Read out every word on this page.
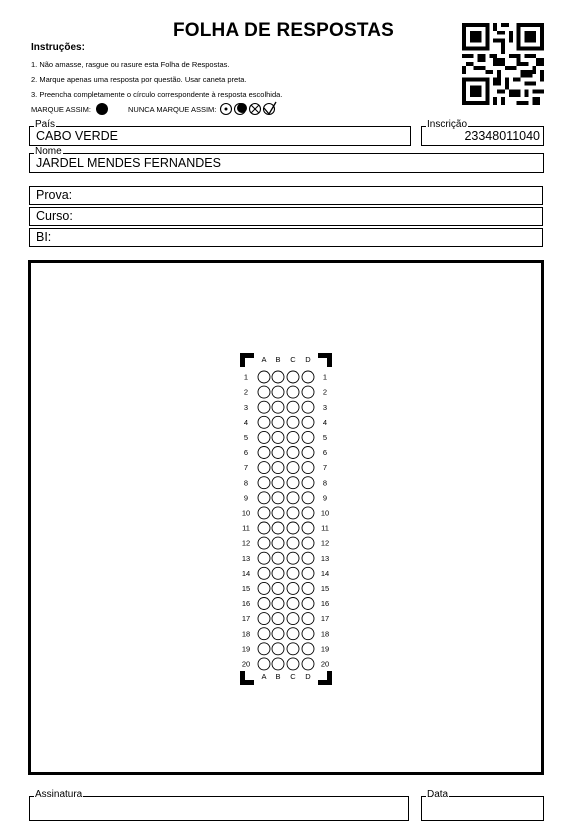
FOLHA DE RESPOSTAS
Instruções:
1. Não amasse, rasgue ou rasure esta Folha de Respostas.
2. Marque apenas uma resposta por questão. Usar caneta preta.
3. Preencha completamente o círculo correspondente à resposta escolhida.
MARQUE ASSIM:	NUNCA MARQUE ASSIM:
País
CABO VERDE
Inscrição
23348011040
Nome
JARDEL MENDES FERNANDES
Prova:
Curso:
BI:
A
A
B
B
C
C
D
D
1	1
2	2
3	3
4	4
5	5
6	6
7	7
8	8
9	9
10	10
11	11
12	12
13	13
14	14
15	15
16	16
17	17
18	18
19	19
20	20
Assinatura	Data
